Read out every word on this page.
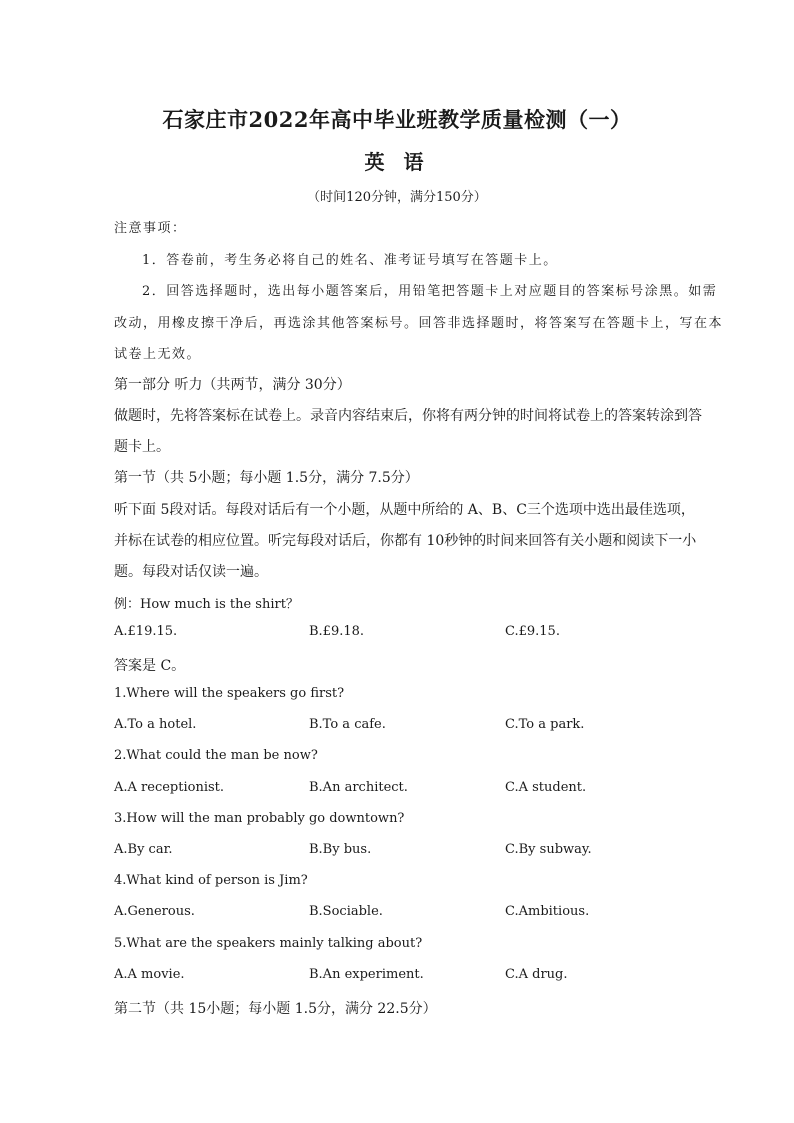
石家庄市2022年高中毕业班教学质量检测（一）
英 语
（时间120分钟，满分150分）
注意事项：
1．答卷前，考生务必将自己的姓名、准考证号填写在答题卡上。
2．回答选择题时，选出每小题答案后，用铅笔把答题卡上对应题目的答案标号涂黑。如需
改动，用橡皮擦干净后，再选涂其他答案标号。回答非选择题时，将答案写在答题卡上，写在本
试卷上无效。
第一部分 听力（共两节，满分 30分）
做题时，先将答案标在试卷上。录音内容结束后，你将有两分钟的时间将试卷上的答案转涂到答
题卡上。
第一节（共 5小题；每小题 1.5分，满分 7.5分）
听下面 5段对话。每段对话后有一个小题，从题中所给的 A、B、C三个选项中选出最佳选项，
并标在试卷的相应位置。听完每段对话后，你都有 10秒钟的时间来回答有关小题和阅读下一小
题。每段对话仅读一遍。
例：How much is the shirt？
A.£19.15.	B.£9.18.	C.£9.15.
答案是 C。
1.Where will the speakers go first?
A.To a hotel.	B.To a cafe.	C.To a park.
2.What could the man be now?
A.A receptionist.	B.An architect.	C.A student.
3.How will the man probably go downtown?
A.By car.	B.By bus.	C.By subway.
4.What kind of person is Jim?
A.Generous.	B.Sociable.	C.Ambitious.
5.What are the speakers mainly talking about?
A.A movie.	B.An experiment.	C.A drug.
第二节（共 15小题；每小题 1.5分，满分 22.5分）
